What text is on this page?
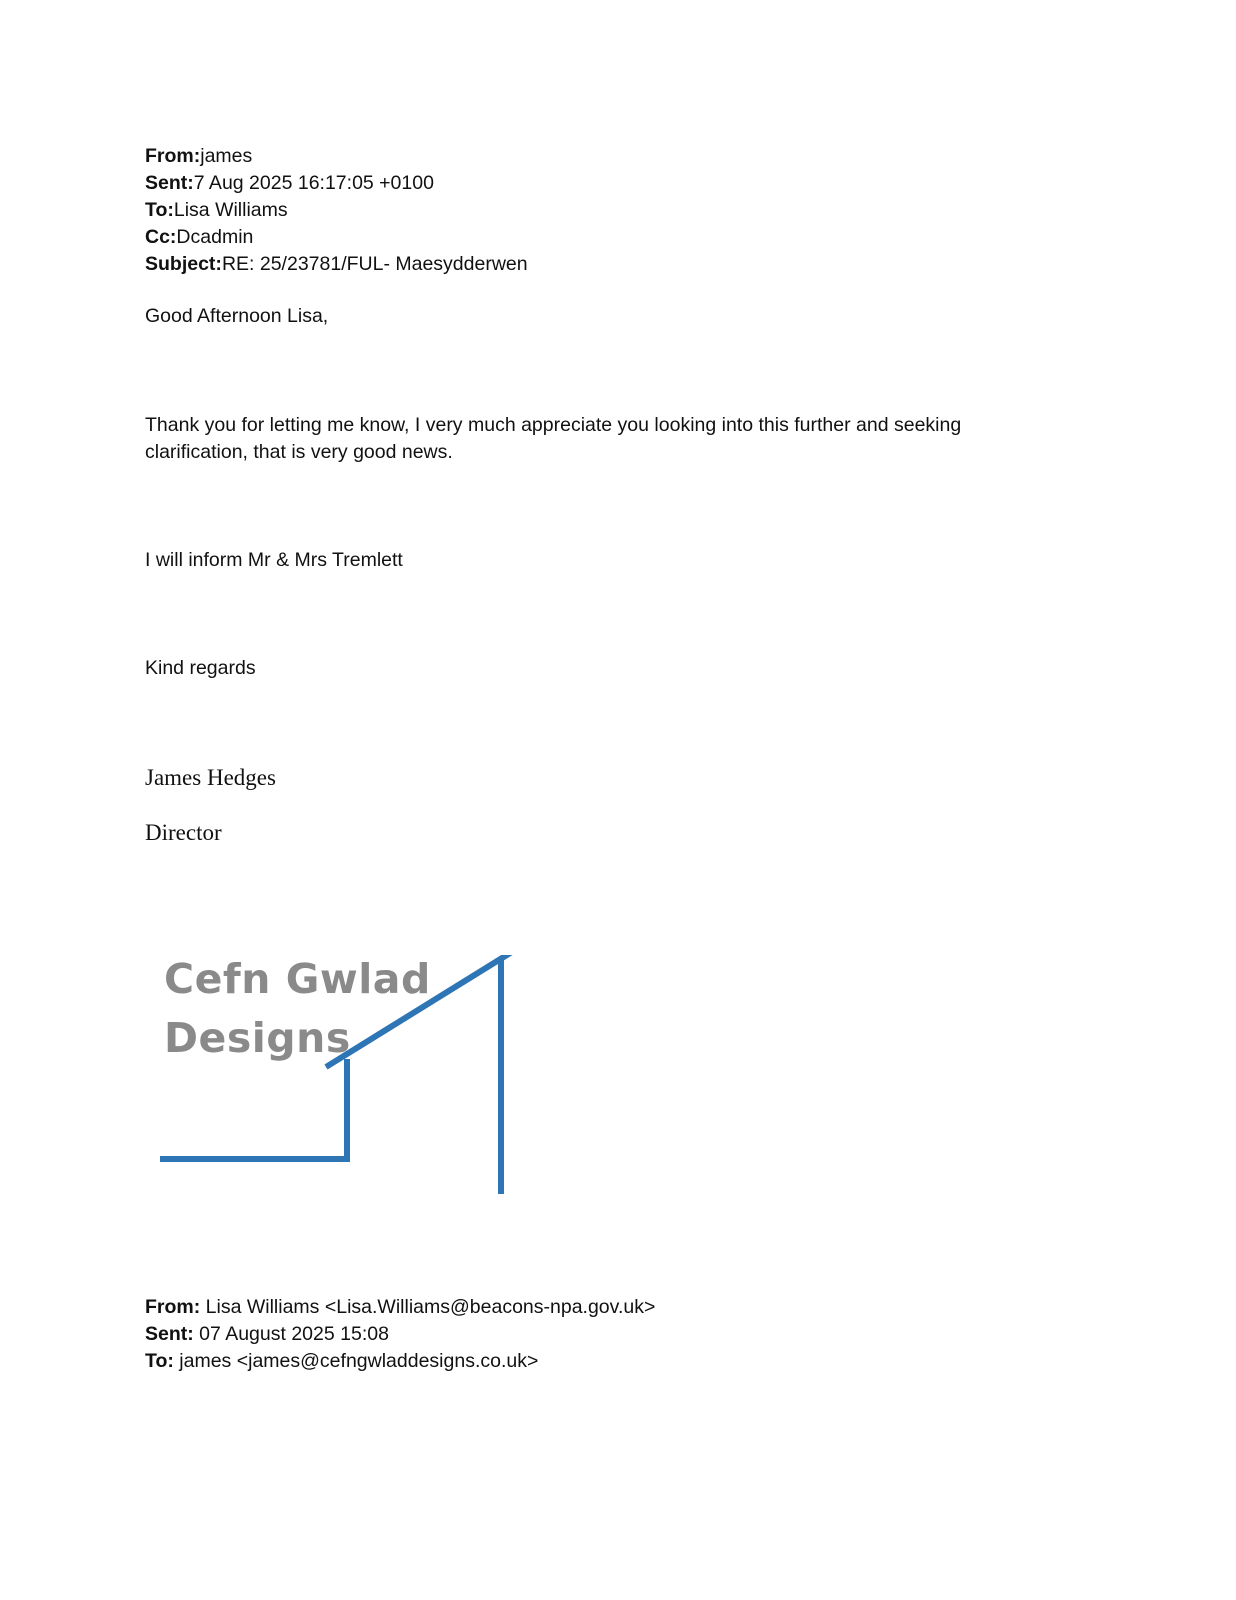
From:james
Sent:7 Aug 2025 16:17:05 +0100
To:Lisa Williams
Cc:Dcadmin
Subject:RE: 25/23781/FUL- Maesydderwen
Good Afternoon Lisa,
Thank you for letting me know, I very much appreciate you looking into this further and seeking clarification, that is very good news.
I will inform Mr & Mrs Tremlett
Kind regards
James Hedges
Director
Cefn Gwlad
Designs
From: Lisa Williams <Lisa.Williams@beacons-npa.gov.uk>
Sent: 07 August 2025 15:08
To: james <james@cefngwladdesigns.co.uk>
